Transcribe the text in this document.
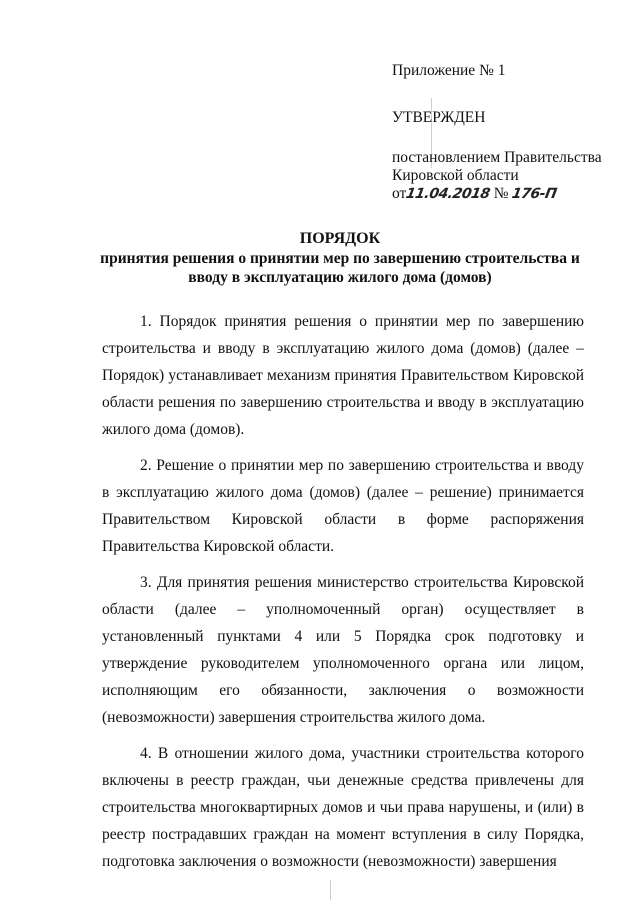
Приложение № 1

УТВЕРЖДЕН

постановлением Правительства
Кировской области
от11.04.2018 № 176-П

ПОРЯДОК
принятия решения о принятии мер по завершению строительства и
вводу в эксплуатацию жилого дома (домов)

1. Порядок принятия решения о принятии мер по завершению строительства и вводу в эксплуатацию жилого дома (домов) (далее – Порядок) устанавливает механизм принятия Правительством Кировской области решения по завершению строительства и вводу в эксплуатацию жилого дома (домов).

2. Решение о принятии мер по завершению строительства и вводу в эксплуатацию жилого дома (домов) (далее – решение) принимается Правительством Кировской области в форме распоряжения Правительства Кировской области.

3. Для принятия решения министерство строительства Кировской области (далее – уполномоченный орган) осуществляет в установленный пунктами 4 или 5 Порядка срок подготовку и утверждение руководителем уполномоченного органа или лицом, исполняющим его обязанности, заключения о возможности (невозможности) завершения строительства жилого дома.

4. В отношении жилого дома, участники строительства которого включены в реестр граждан, чьи денежные средства привлечены для строительства многоквартирных домов и чьи права нарушены, и (или) в реестр пострадавших граждан на момент вступления в силу Порядка, подготовка заключения о возможности (невозможности) завершения
